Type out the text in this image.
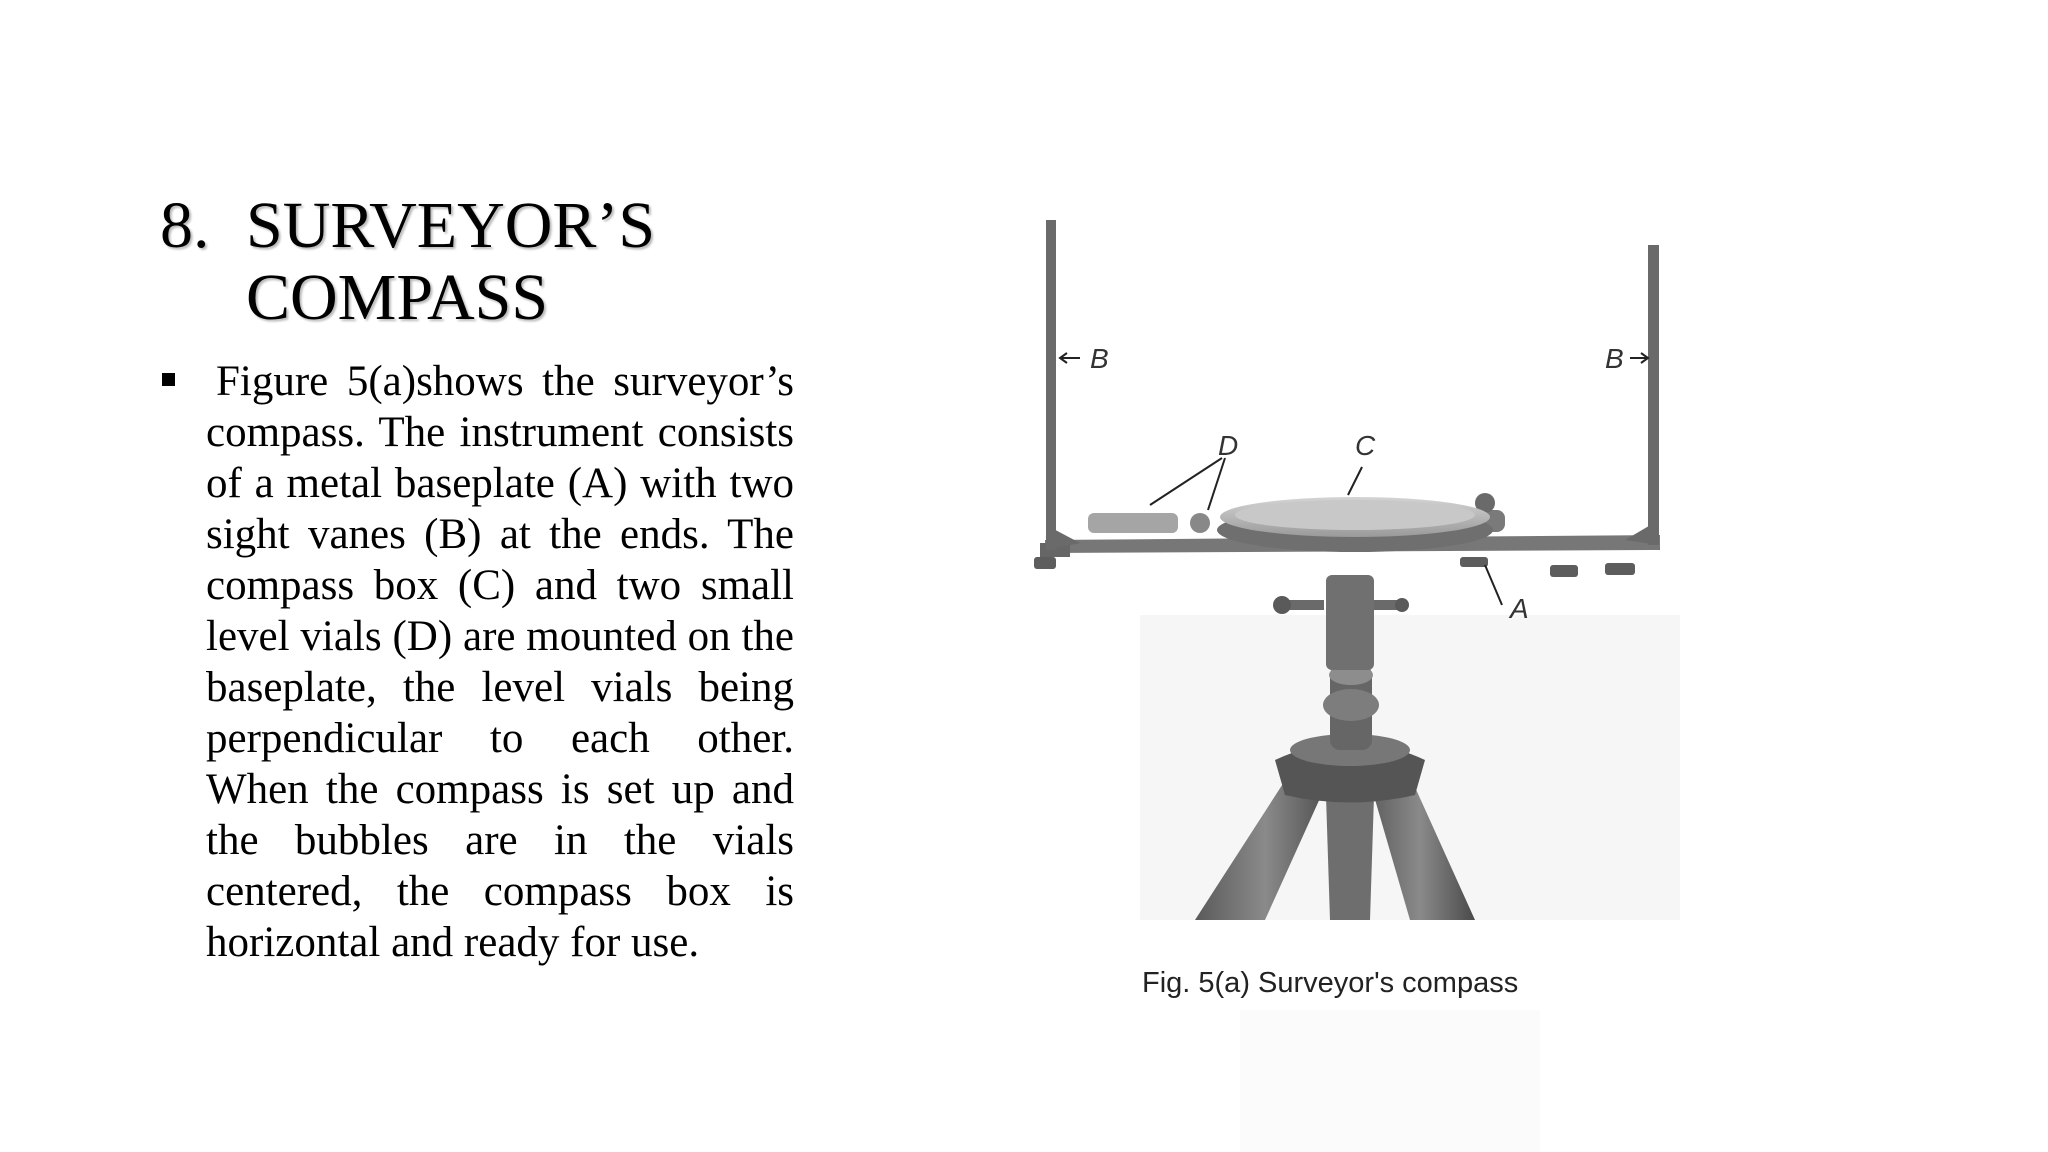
8. SURVEYOR’S
COMPASS

Figure 5(a)shows the surveyor’s compass. The instrument consists of a metal baseplate (A) with two sight vanes (B) at the ends. The compass box (C) and two small level vials (D) are mounted on the baseplate, the level vials being perpendicular to each other. When the compass is set up and the bubbles are in the vials centered, the compass box is horizontal and ready for use.

B	B
D	C
A
Fig. 5(a) Surveyor's compass
